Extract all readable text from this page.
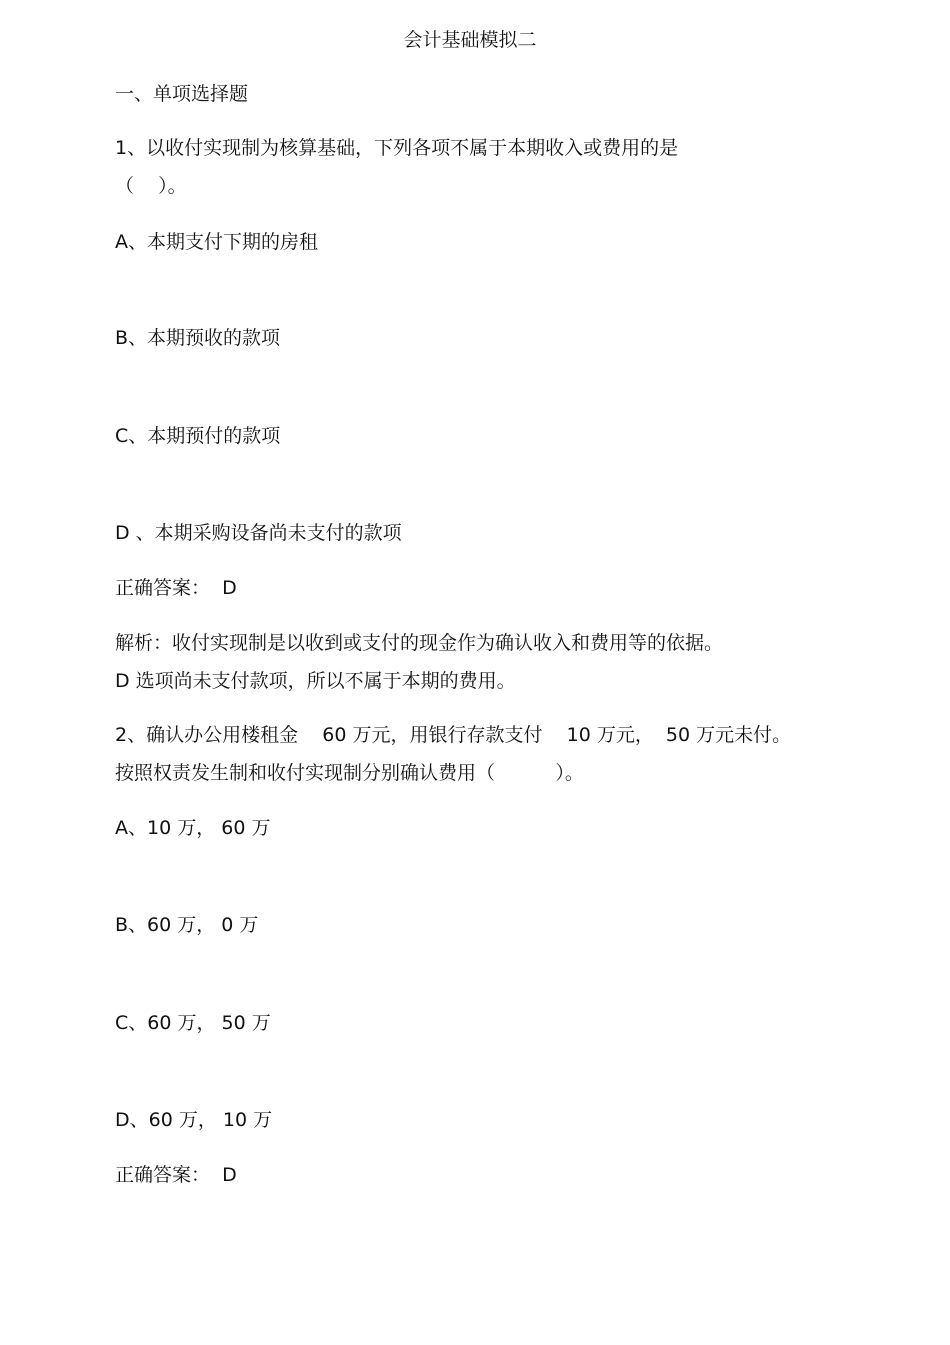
会计基础模拟二
一、单项选择题
1、以收付实现制为核算基础，下列各项不属于本期收入或费用的是
（    ）。
A、本期支付下期的房租
B、本期预收的款项
C、本期预付的款项
D 、本期采购设备尚未支付的款项
正确答案：  D
解析：收付实现制是以收到或支付的现金作为确认收入和费用等的依据。
D 选项尚未支付款项，所以不属于本期的费用。
2、确认办公用楼租金    60 万元，用银行存款支付    10 万元，  50 万元未付。
按照权责发生制和收付实现制分别确认费用（          ）。
A、10 万， 60 万
B、60 万， 0 万
C、60 万， 50 万
D、60 万， 10 万
正确答案：  D
